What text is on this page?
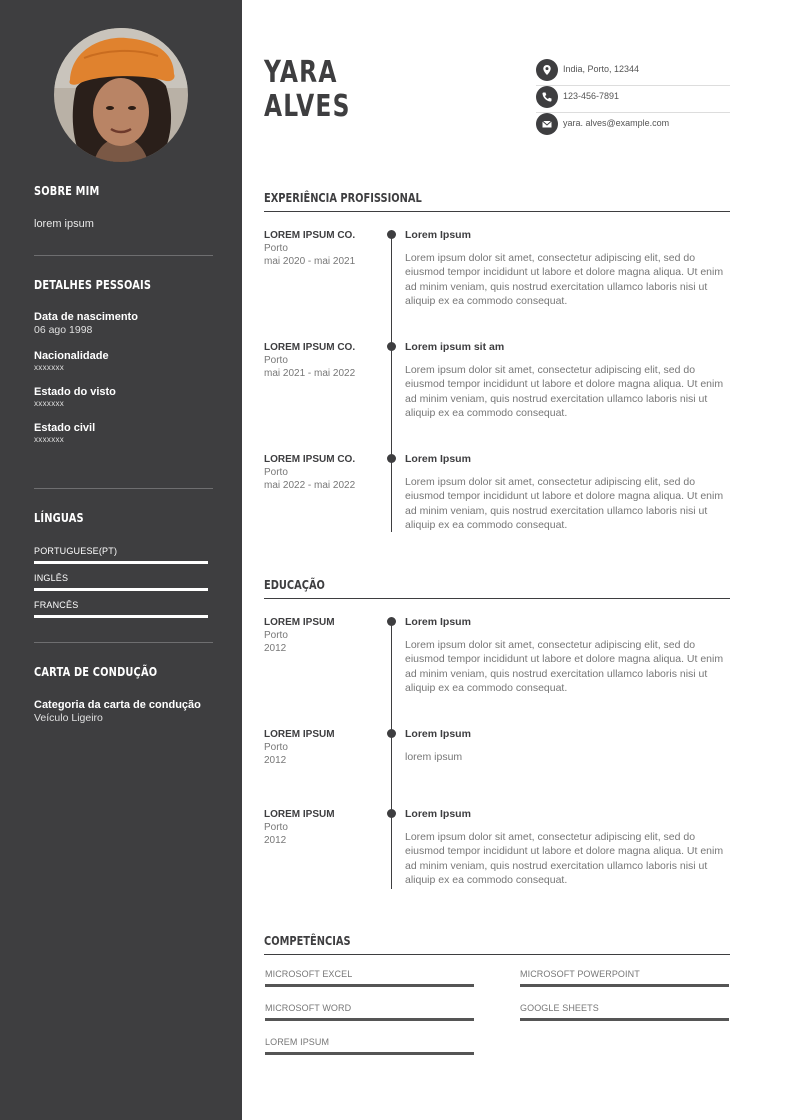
SOBRE MIM
lorem ipsum
DETALHES PESSOAIS
Data de nascimento
06 ago 1998
Nacionalidade
xxxxxxx
Estado do visto
xxxxxxx
Estado civil
xxxxxxx
LÍNGUAS
PORTUGUESE(PT)
INGLÊS
FRANCÊS
CARTA DE CONDUÇÃO
Categoria da carta de condução
Veículo Ligeiro
YARA
ALVES
India, Porto, 12344
123-456-7891
yara. alves@example.com
EXPERIÊNCIA PROFISSIONAL
LOREM IPSUM CO.
Porto
mai 2020 - mai 2021
Lorem Ipsum
Lorem ipsum dolor sit amet, consectetur adipiscing elit, sed do eiusmod tempor incididunt ut labore et dolore magna aliqua. Ut enim ad minim veniam, quis nostrud exercitation ullamco laboris nisi ut aliquip ex ea commodo consequat.
LOREM IPSUM CO.
Porto
mai 2021 - mai 2022
Lorem ipsum sit am
Lorem ipsum dolor sit amet, consectetur adipiscing elit, sed do eiusmod tempor incididunt ut labore et dolore magna aliqua. Ut enim ad minim veniam, quis nostrud exercitation ullamco laboris nisi ut aliquip ex ea commodo consequat.
LOREM IPSUM CO.
Porto
mai 2022 - mai 2022
Lorem Ipsum
Lorem ipsum dolor sit amet, consectetur adipiscing elit, sed do eiusmod tempor incididunt ut labore et dolore magna aliqua. Ut enim ad minim veniam, quis nostrud exercitation ullamco laboris nisi ut aliquip ex ea commodo consequat.
EDUCAÇÃO
LOREM IPSUM
Porto
2012
Lorem Ipsum
Lorem ipsum dolor sit amet, consectetur adipiscing elit, sed do eiusmod tempor incididunt ut labore et dolore magna aliqua. Ut enim ad minim veniam, quis nostrud exercitation ullamco laboris nisi ut aliquip ex ea commodo consequat.
LOREM IPSUM
Porto
2012
Lorem Ipsum
lorem ipsum
LOREM IPSUM
Porto
2012
Lorem Ipsum
Lorem ipsum dolor sit amet, consectetur adipiscing elit, sed do eiusmod tempor incididunt ut labore et dolore magna aliqua. Ut enim ad minim veniam, quis nostrud exercitation ullamco laboris nisi ut aliquip ex ea commodo consequat.
COMPETÊNCIAS
MICROSOFT EXCEL	MICROSOFT POWERPOINT
MICROSOFT WORD	GOOGLE SHEETS
LOREM IPSUM
